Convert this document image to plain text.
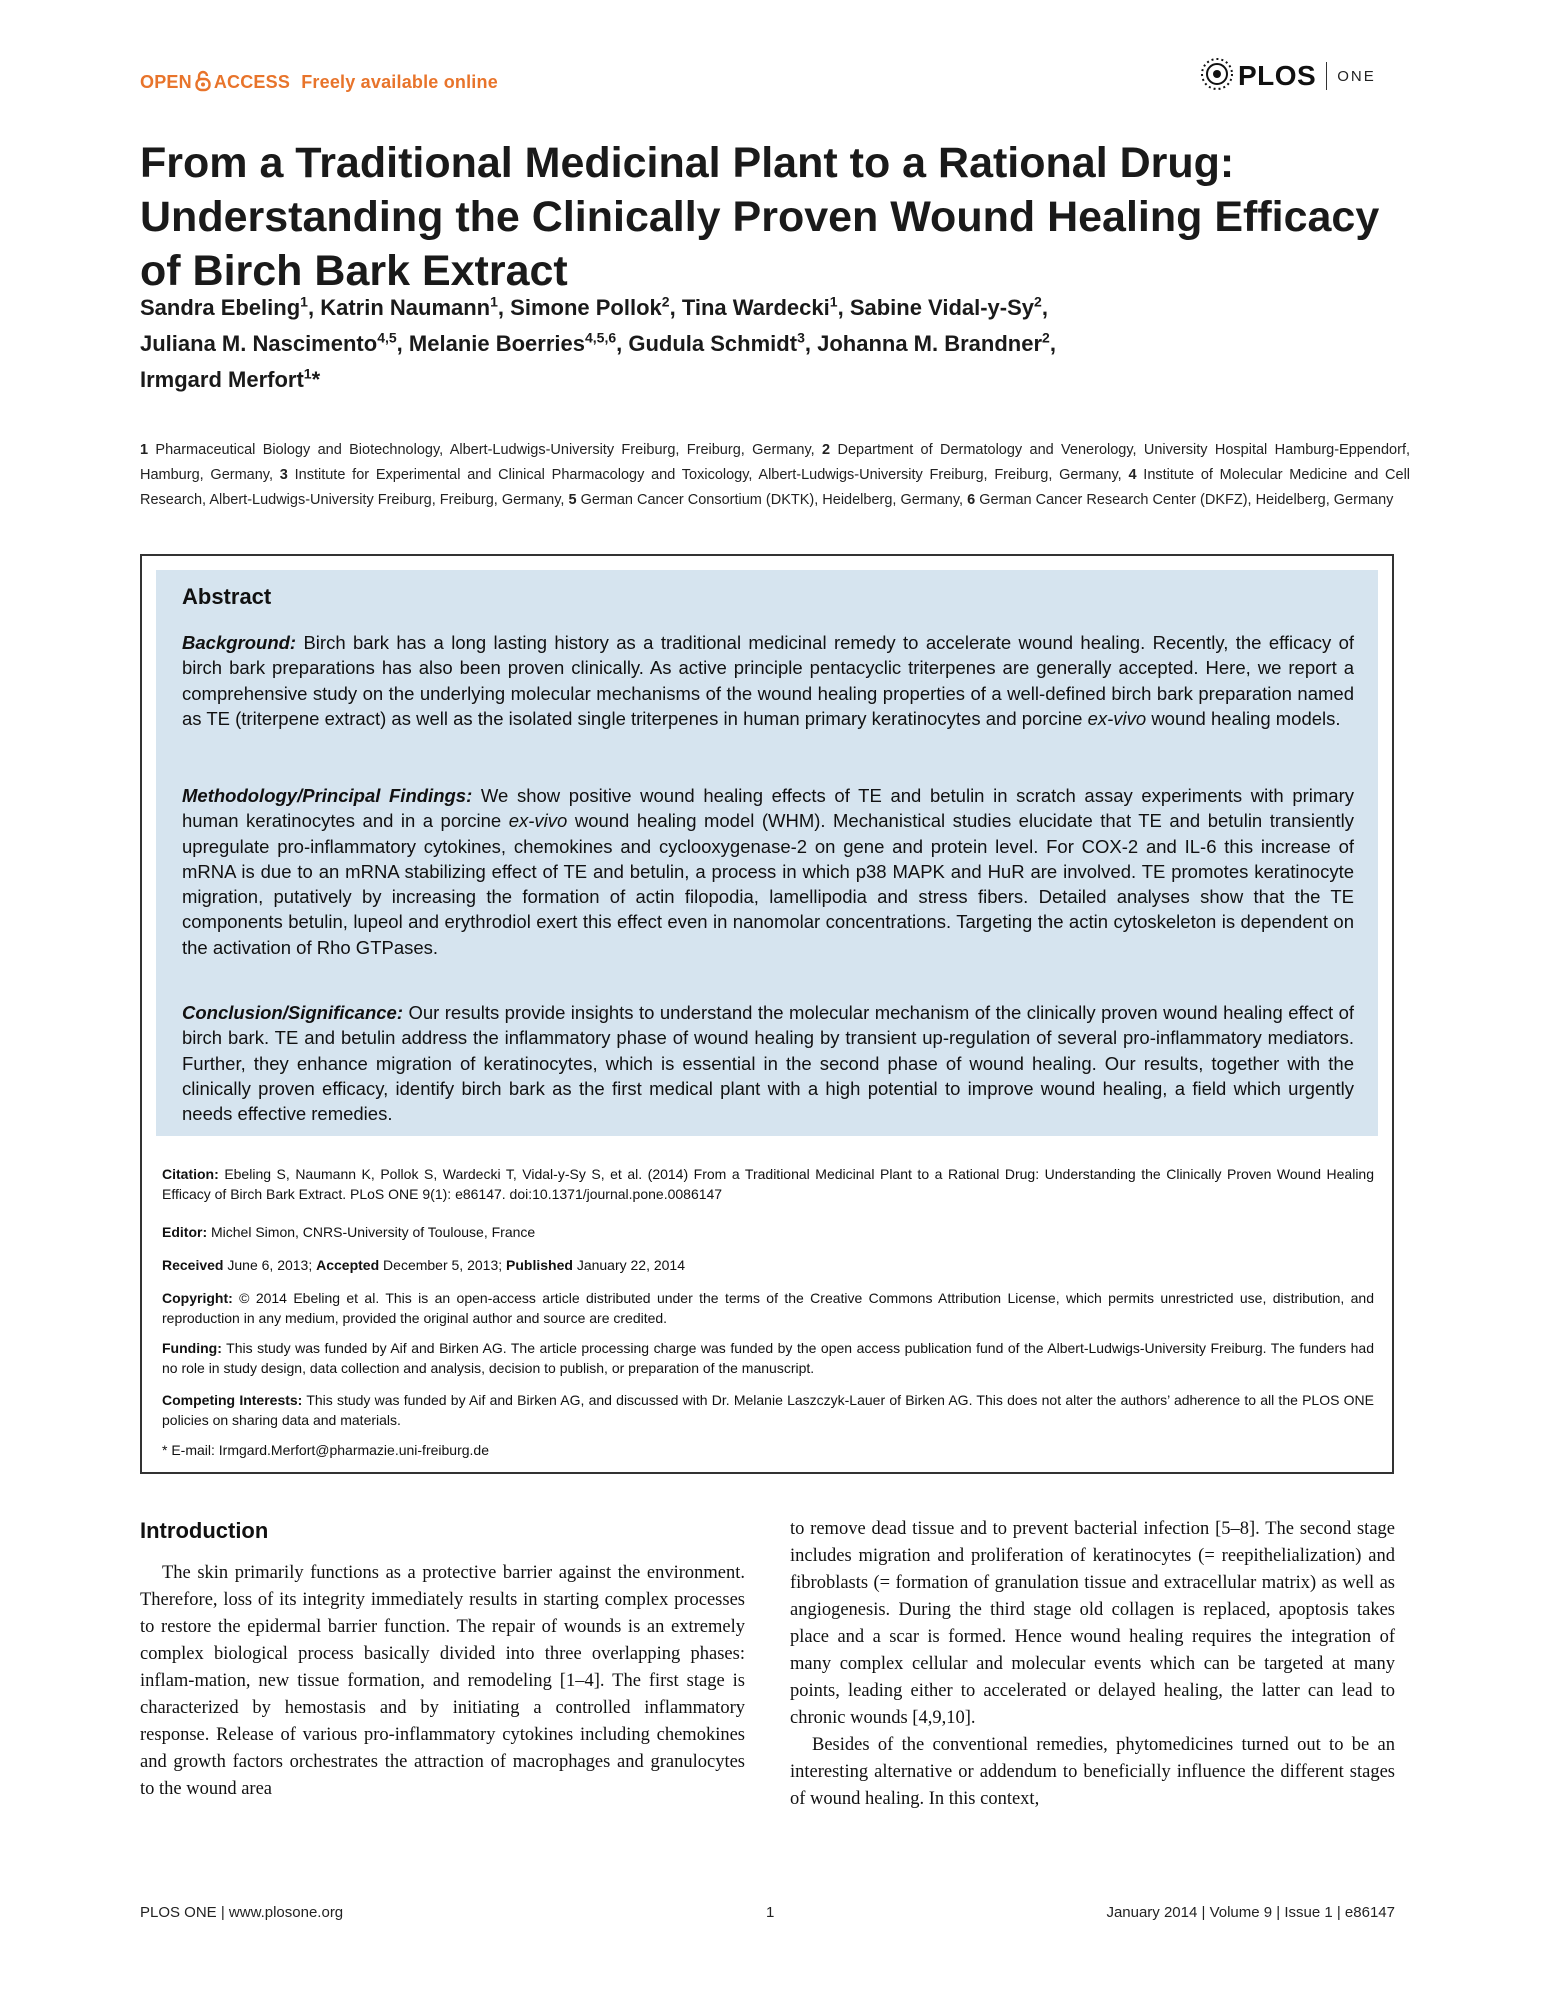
OPEN ACCESS Freely available online	PLOS ONE
From a Traditional Medicinal Plant to a Rational Drug: Understanding the Clinically Proven Wound Healing Efficacy of Birch Bark Extract
Sandra Ebeling$^1$, Katrin Naumann$^1$, Simone Pollok$^2$, Tina Wardecki$^1$, Sabine Vidal-y-Sy$^2$,
Juliana M. Nascimento$^{4,5}$, Melanie Boerries$^{4,5,6}$, Gudula Schmidt$^3$, Johanna M. Brandner$^2$,
Irmgard Merfort$^1$*
1 Pharmaceutical Biology and Biotechnology, Albert-Ludwigs-University Freiburg, Freiburg, Germany, 2 Department of Dermatology and Venerology, University Hospital Hamburg-Eppendorf, Hamburg, Germany, 3 Institute for Experimental and Clinical Pharmacology and Toxicology, Albert-Ludwigs-University Freiburg, Freiburg, Germany, 4 Institute of Molecular Medicine and Cell Research, Albert-Ludwigs-University Freiburg, Freiburg, Germany, 5 German Cancer Consortium (DKTK), Heidelberg, Germany, 6 German Cancer Research Center (DKFZ), Heidelberg, Germany
Abstract
Background: Birch bark has a long lasting history as a traditional medicinal remedy to accelerate wound healing. Recently, the efficacy of birch bark preparations has also been proven clinically. As active principle pentacyclic triterpenes are generally accepted. Here, we report a comprehensive study on the underlying molecular mechanisms of the wound healing properties of a well-defined birch bark preparation named as TE (triterpene extract) as well as the isolated single triterpenes in human primary keratinocytes and porcine ex-vivo wound healing models.
Methodology/Principal Findings: We show positive wound healing effects of TE and betulin in scratch assay experiments with primary human keratinocytes and in a porcine ex-vivo wound healing model (WHM). Mechanistical studies elucidate that TE and betulin transiently upregulate pro-inflammatory cytokines, chemokines and cyclooxygenase-2 on gene and protein level. For COX-2 and IL-6 this increase of mRNA is due to an mRNA stabilizing effect of TE and betulin, a process in which p38 MAPK and HuR are involved. TE promotes keratinocyte migration, putatively by increasing the formation of actin filopodia, lamellipodia and stress fibers. Detailed analyses show that the TE components betulin, lupeol and erythrodiol exert this effect even in nanomolar concentrations. Targeting the actin cytoskeleton is dependent on the activation of Rho GTPases.
Conclusion/Significance: Our results provide insights to understand the molecular mechanism of the clinically proven wound healing effect of birch bark. TE and betulin address the inflammatory phase of wound healing by transient up-regulation of several pro-inflammatory mediators. Further, they enhance migration of keratinocytes, which is essential in the second phase of wound healing. Our results, together with the clinically proven efficacy, identify birch bark as the first medical plant with a high potential to improve wound healing, a field which urgently needs effective remedies.
Citation: Ebeling S, Naumann K, Pollok S, Wardecki T, Vidal-y-Sy S, et al. (2014) From a Traditional Medicinal Plant to a Rational Drug: Understanding the Clinically Proven Wound Healing Efficacy of Birch Bark Extract. PLoS ONE 9(1): e86147. doi:10.1371/journal.pone.0086147
Editor: Michel Simon, CNRS-University of Toulouse, France
Received June 6, 2013; Accepted December 5, 2013; Published January 22, 2014
Copyright: © 2014 Ebeling et al. This is an open-access article distributed under the terms of the Creative Commons Attribution License, which permits unrestricted use, distribution, and reproduction in any medium, provided the original author and source are credited.
Funding: This study was funded by Aif and Birken AG. The article processing charge was funded by the open access publication fund of the Albert-Ludwigs-University Freiburg. The funders had no role in study design, data collection and analysis, decision to publish, or preparation of the manuscript.
Competing Interests: This study was funded by Aif and Birken AG, and discussed with Dr. Melanie Laszczyk-Lauer of Birken AG. This does not alter the authors’ adherence to all the PLOS ONE policies on sharing data and materials.
* E-mail: Irmgard.Merfort@pharmazie.uni-freiburg.de
Introduction

The skin primarily functions as a protective barrier against the environment. Therefore, loss of its integrity immediately results in starting complex processes to restore the epidermal barrier function. The repair of wounds is an extremely complex biological process basically divided into three overlapping phases: inflam-mation, new tissue formation, and remodeling [1–4]. The first stage is characterized by hemostasis and by initiating a controlled inflammatory response. Release of various pro-inflammatory cytokines including chemokines and growth factors orchestrates the attraction of macrophages and granulocytes to the wound area

to remove dead tissue and to prevent bacterial infection [5–8]. The second stage includes migration and proliferation of keratinocytes (= reepithelialization) and fibroblasts (= formation of granulation tissue and extracellular matrix) as well as angiogenesis. During the third stage old collagen is replaced, apoptosis takes place and a scar is formed. Hence wound healing requires the integration of many complex cellular and molecular events which can be targeted at many points, leading either to accelerated or delayed healing, the latter can lead to chronic wounds [4,9,10].

Besides of the conventional remedies, phytomedicines turned out to be an interesting alternative or addendum to beneficially influence the different stages of wound healing. In this context,

PLOS ONE | www.plosone.org	1	January 2014 | Volume 9 | Issue 1 | e86147
